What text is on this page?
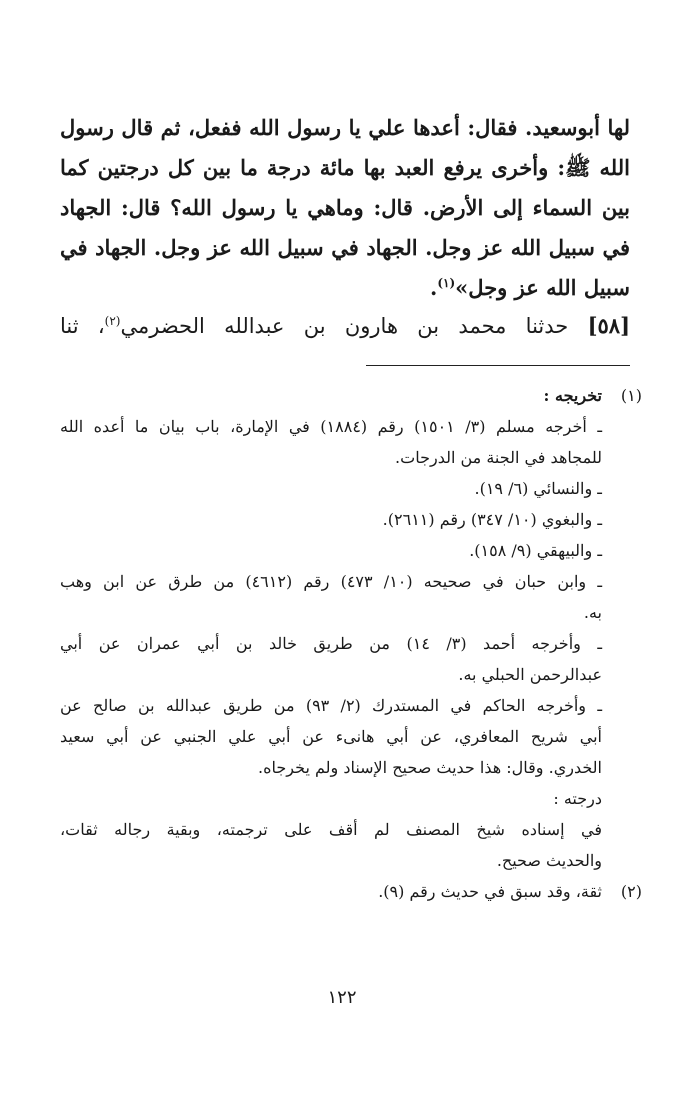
لها أبوسعيد. فقال: أعدها علي يا رسول الله ففعل، ثم قال رسول
الله ﷺ: وأخرى يرفع العبد بها مائة درجة ما بين كل درجتين كما
بين السماء إلى الأرض. قال: وماهي يا رسول الله؟ قال: الجهاد
في سبيل الله عز وجل. الجهاد في سبيل الله عز وجل. الجهاد في
سبيل الله عز وجل»$^{(١)}$.
[٥٨] حدثنا محمد بن هارون بن عبدالله الحضرمي$^{(٢)}$، ثنا
(١)
تخريجه :
ـ أخرجه مسلم (٣/ ١٥٠١) رقم (١٨٨٤) في الإمارة، باب بيان ما أعده الله
للمجاهد في الجنة من الدرجات.
ـ والنسائي (٦/ ١٩).
ـ والبغوي (١٠/ ٣٤٧) رقم (٢٦١١).
ـ والبيهقي (٩/ ١٥٨).
ـ وابن حبان في صحيحه (١٠/ ٤٧٣) رقم (٤٦١٢) من طرق عن ابن وهب
به.
ـ وأخرجه أحمد (٣/ ١٤) من طريق خالد بن أبي عمران عن أبي
عبدالرحمن الحبلي به.
ـ وأخرجه الحاكم في المستدرك (٢/ ٩٣) من طريق عبدالله بن صالح عن
أبي شريح المعافري، عن أبي هانىء عن أبي علي الجنبي عن أبي سعيد
الخدري. وقال: هذا حديث صحيح الإسناد ولم يخرجاه.
درجته :
في إسناده شيخ المصنف لم أقف على ترجمته، وبقية رجاله ثقات،
والحديث صحيح.
(٢)
ثقة، وقد سبق في حديث رقم (٩).
١٢٢
